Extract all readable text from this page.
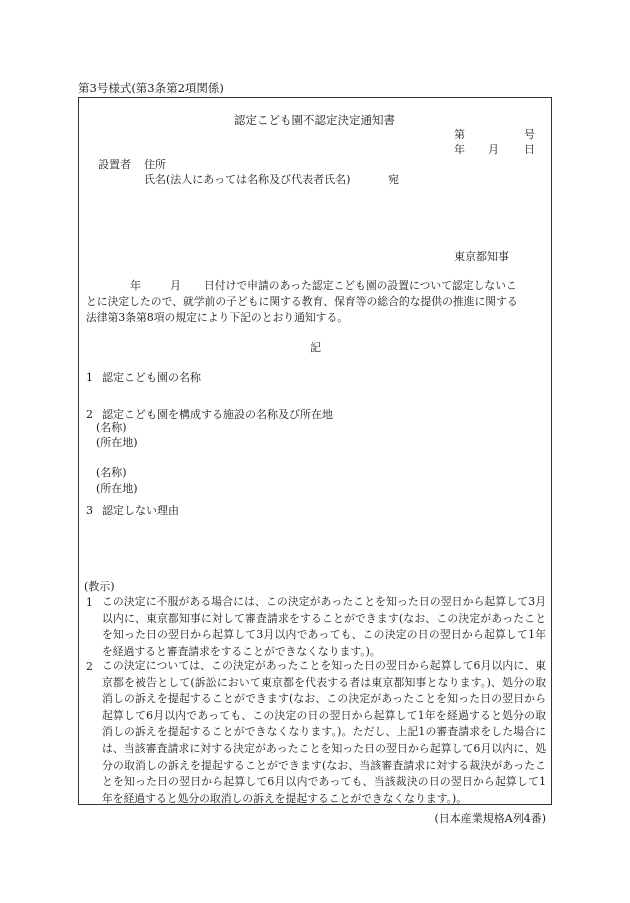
第3号様式(第3条第2項関係)
認定こども園不認定決定通知書
第	号
年 月 日
設置者 住所
氏名(法人にあっては名称及び代表者氏名)	宛
東京都知事
年	月 日付けで申請のあった認定こども園の設置について認定しないこ
とに決定したので、就学前の子どもに関する教育、保育等の総合的な提供の推進に関する
法律第3条第8項の規定により下記のとおり通知する。
記
1 認定こども園の名称
2 認定こども園を構成する施設の名称及び所在地
(名称)
(所在地)
(名称)
(所在地)
3 認定しない理由
(教示)
1 この決定に不服がある場合には、この決定があったことを知った日の翌日から起算して3月以内に、東京都知事に対して審査請求をすることができます(なお、この決定があったことを知った日の翌日から起算して3月以内であっても、この決定の日の翌日から起算して1年を経過すると審査請求をすることができなくなります。)。
2 この決定については、この決定があったことを知った日の翌日から起算して6月以内に、東京都を被告として(訴訟において東京都を代表する者は東京都知事となります。)、処分の取消しの訴えを提起することができます(なお、この決定があったことを知った日の翌日から起算して6月以内であっても、この決定の日の翌日から起算して1年を経過すると処分の取消しの訴えを提起することができなくなります。)。ただし、上記1の審査請求をした場合には、当該審査請求に対する決定があったことを知った日の翌日から起算して6月以内に、処分の取消しの訴えを提起することができます(なお、当該審査請求に対する裁決があったことを知った日の翌日から起算して6月以内であっても、当該裁決の日の翌日から起算して1年を経過すると処分の取消しの訴えを提起することができなくなります。)。
(日本産業規格A列4番)
